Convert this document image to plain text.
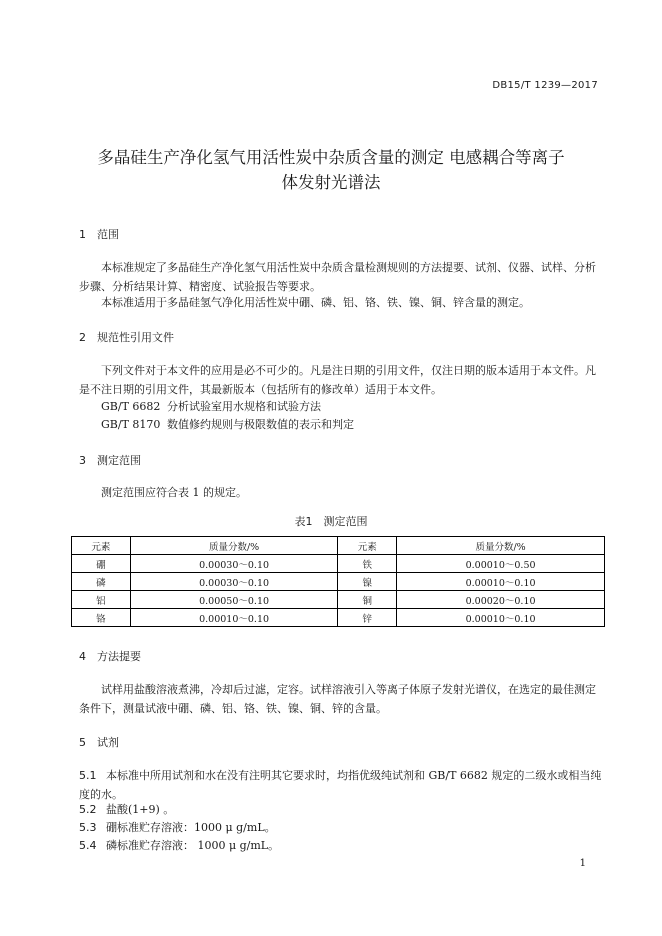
DB15/T 1239—2017
多晶硅生产净化氢气用活性炭中杂质含量的测定 电感耦合等离子
体发射光谱法
1 范围
本标准规定了多晶硅生产净化氢气用活性炭中杂质含量检测规则的方法提要、试剂、仪器、试样、分析步骤、分析结果计算、精密度、试验报告等要求。
本标准适用于多晶硅氢气净化用活性炭中硼、磷、铝、铬、铁、镍、铜、锌含量的测定。
2 规范性引用文件
下列文件对于本文件的应用是必不可少的。凡是注日期的引用文件，仅注日期的版本适用于本文件。凡是不注日期的引用文件，其最新版本（包括所有的修改单）适用于本文件。
GB/T 6682 分析试验室用水规格和试验方法
GB/T 8170 数值修约规则与极限数值的表示和判定
3 测定范围
测定范围应符合表 1 的规定。
表1　测定范围
元素	质量分数/%	元素	质量分数/%
硼	0.00030～0.10	铁	0.00010～0.50
磷	0.00030～0.10	镍	0.00010～0.10
铝	0.00050～0.10	铜	0.00020～0.10
铬	0.00010～0.10	锌	0.00010～0.10
4 方法提要
试样用盐酸溶液煮沸，冷却后过滤，定容。试样溶液引入等离子体原子发射光谱仪，在选定的最佳测定条件下，测量试液中硼、磷、铝、铬、铁、镍、铜、锌的含量。
5 试剂
5.1 本标准中所用试剂和水在没有注明其它要求时，均指优级纯试剂和 GB/T 6682 规定的二级水或相当纯度的水。
5.2 盐酸(1+9) 。
5.3 硼标准贮存溶液：1000 μ g/mL。
5.4 磷标准贮存溶液： 1000 μ g/mL。
1
